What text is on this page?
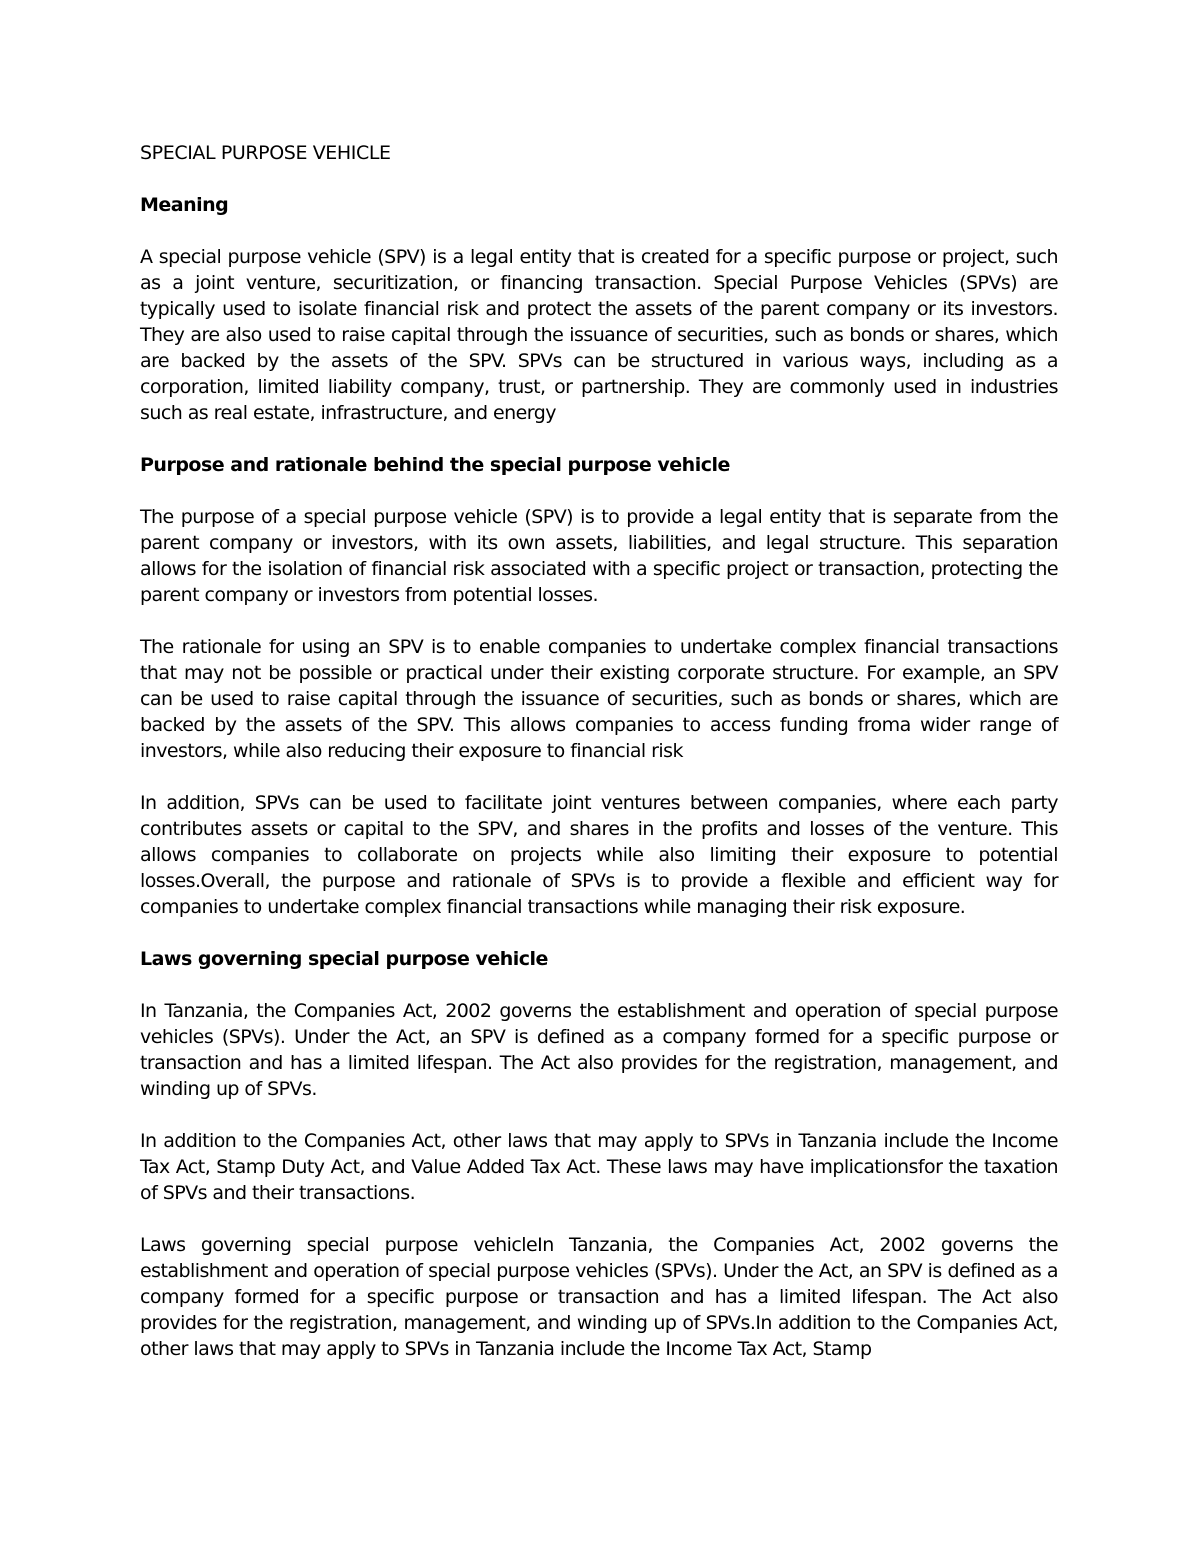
SPECIAL PURPOSE VEHICLE
Meaning

A special purpose vehicle (SPV) is a legal entity that is created for a specific purpose or project, such as a joint venture, securitization, or financing transaction. Special Purpose Vehicles (SPVs) are typically used to isolate financial risk and protect the assets of the parent company or its investors. They are also used to raise capital through the issuance of securities, such as bonds or shares, which are backed by the assets of the SPV. SPVs can be structured in various ways, including as a corporation, limited liability company, trust, or partnership. They are commonly used in industries such as real estate, infrastructure, and energy

Purpose and rationale behind the special purpose vehicle

The purpose of a special purpose vehicle (SPV) is to provide a legal entity that is separate from the parent company or investors, with its own assets, liabilities, and legal structure. This separation allows for the isolation of financial risk associated with a specific project or transaction, protecting the parent company or investors from potential losses.

The rationale for using an SPV is to enable companies to undertake complex financial transactions that may not be possible or practical under their existing corporate structure. For example, an SPV can be used to raise capital through the issuance of securities, such as bonds or shares, which are backed by the assets of the SPV. This allows companies to access funding froma wider range of investors, while also reducing their exposure to financial risk

In addition, SPVs can be used to facilitate joint ventures between companies, where each party contributes assets or capital to the SPV, and shares in the profits and losses of the venture. This allows companies to collaborate on projects while also limiting their exposure to potential losses.Overall, the purpose and rationale of SPVs is to provide a flexible and efficient way for companies to undertake complex financial transactions while managing their risk exposure.

Laws governing special purpose vehicle

In Tanzania, the Companies Act, 2002 governs the establishment and operation of special purpose vehicles (SPVs). Under the Act, an SPV is defined as a company formed for a specific purpose or transaction and has a limited lifespan. The Act also provides for the registration, management, and winding up of SPVs.

In addition to the Companies Act, other laws that may apply to SPVs in Tanzania include the Income Tax Act, Stamp Duty Act, and Value Added Tax Act. These laws may have implicationsfor the taxation of SPVs and their transactions.

Laws governing special purpose vehicleIn Tanzania, the Companies Act, 2002 governs the establishment and operation of special purpose vehicles (SPVs). Under the Act, an SPV is defined as a company formed for a specific purpose or transaction and has a limited lifespan. The Act also provides for the registration, management, and winding up of SPVs.In addition to the Companies Act, other laws that may apply to SPVs in Tanzania include the Income Tax Act, Stamp
